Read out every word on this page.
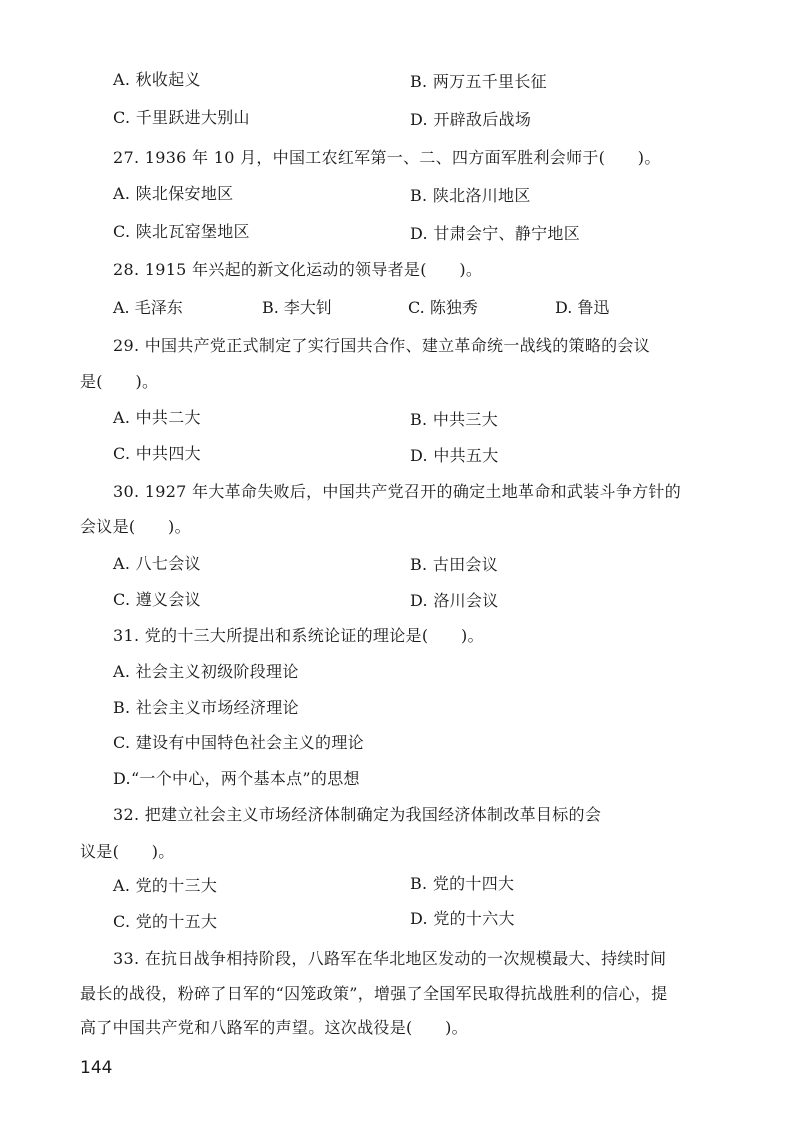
A. 秋收起义	B. 两万五千里长征
C. 千里跃进大别山	D. 开辟敌后战场
27. 1936 年 10 月，中国工农红军第一、二、四方面军胜利会师于(　　)。
A. 陕北保安地区	B. 陕北洛川地区
C. 陕北瓦窑堡地区	D. 甘肃会宁、静宁地区
28. 1915 年兴起的新文化运动的领导者是(　　)。
A. 毛泽东	B. 李大钊	C. 陈独秀	D. 鲁迅
29. 中国共产党正式制定了实行国共合作、建立革命统一战线的策略的会议
是(　　)。
A. 中共二大	B. 中共三大
C. 中共四大	D. 中共五大
30. 1927 年大革命失败后，中国共产党召开的确定土地革命和武装斗争方针的
会议是(　　)。
A. 八七会议	B. 古田会议
C. 遵义会议	D. 洛川会议
31. 党的十三大所提出和系统论证的理论是(　　)。
A. 社会主义初级阶段理论
B. 社会主义市场经济理论
C. 建设有中国特色社会主义的理论
D.“一个中心，两个基本点”的思想
32. 把建立社会主义市场经济体制确定为我国经济体制改革目标的会
议是(　　)。
A. 党的十三大	B. 党的十四大
C. 党的十五大	D. 党的十六大
33. 在抗日战争相持阶段，八路军在华北地区发动的一次规模最大、持续时间
最长的战役，粉碎了日军的“囚笼政策”，增强了全国军民取得抗战胜利的信心，提
高了中国共产党和八路军的声望。这次战役是(　　)。
144
